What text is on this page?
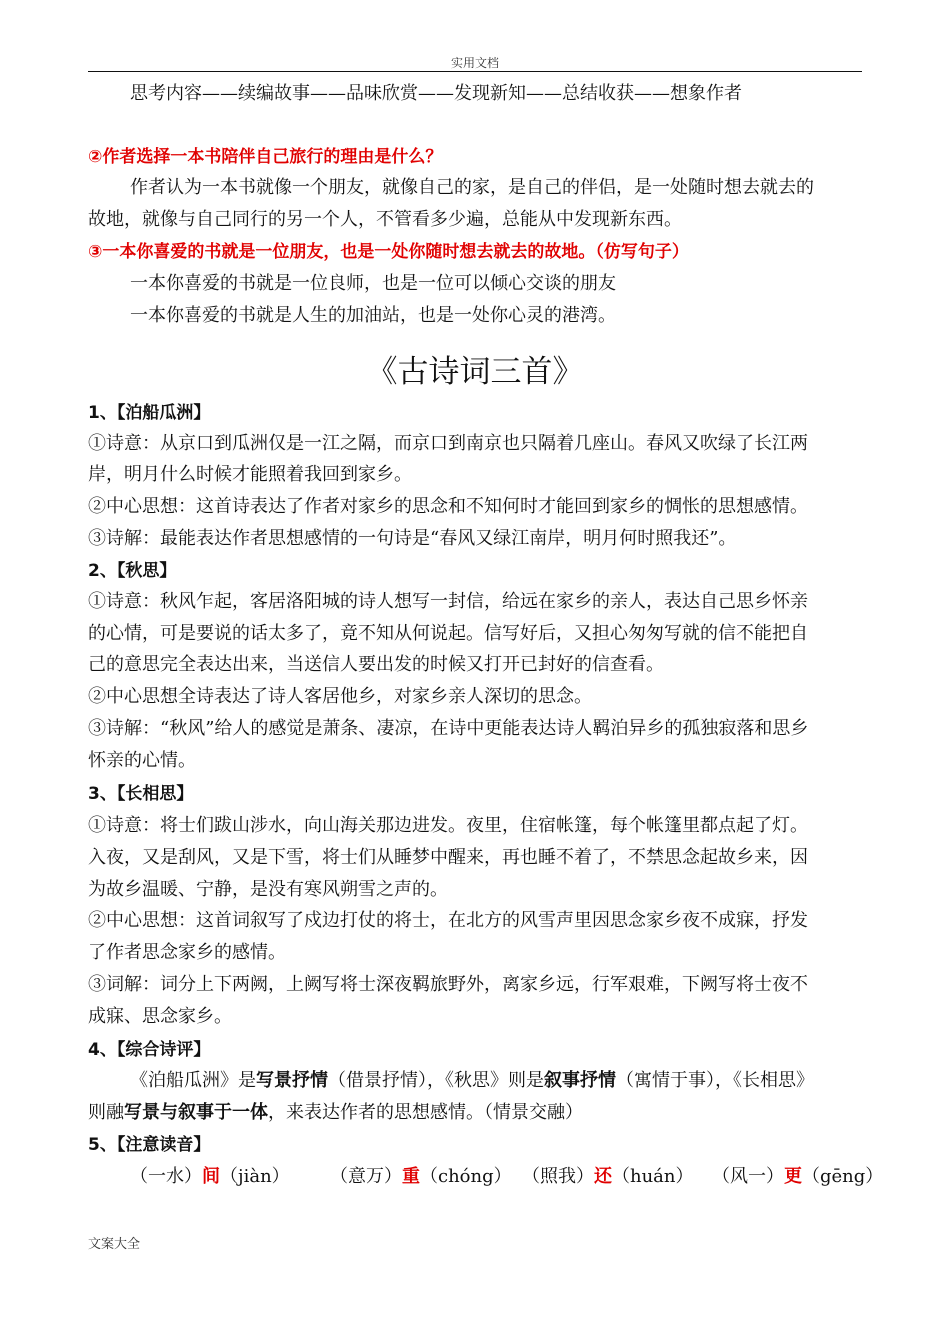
实用文档
思考内容——续编故事——品味欣赏——发现新知——总结收获——想象作者
②作者选择一本书陪伴自己旅行的理由是什么？
作者认为一本书就像一个朋友，就像自己的家，是自己的伴侣，是一处随时想去就去的
故地，就像与自己同行的另一个人，不管看多少遍，总能从中发现新东西。
③一本你喜爱的书就是一位朋友，也是一处你随时想去就去的故地。（仿写句子）
一本你喜爱的书就是一位良师，也是一位可以倾心交谈的朋友
一本你喜爱的书就是人生的加油站，也是一处你心灵的港湾。
《古诗词三首》
1、【泊船瓜洲】
①诗意：从京口到瓜洲仅是一江之隔，而京口到南京也只隔着几座山。春风又吹绿了长江两
岸，明月什么时候才能照着我回到家乡。
②中心思想：这首诗表达了作者对家乡的思念和不知何时才能回到家乡的惆怅的思想感情。
③诗解：最能表达作者思想感情的一句诗是“春风又绿江南岸，明月何时照我还”。
2、【秋思】
①诗意：秋风乍起，客居洛阳城的诗人想写一封信，给远在家乡的亲人，表达自己思乡怀亲
的心情，可是要说的话太多了，竟不知从何说起。信写好后，又担心匆匆写就的信不能把自
己的意思完全表达出来，当送信人要出发的时候又打开已封好的信查看。
②中心思想全诗表达了诗人客居他乡，对家乡亲人深切的思念。
③诗解：“秋风”给人的感觉是萧条、凄凉，在诗中更能表达诗人羁泊异乡的孤独寂落和思乡
怀亲的心情。
3、【长相思】
①诗意：将士们跋山涉水，向山海关那边进发。夜里，住宿帐篷，每个帐篷里都点起了灯。
入夜，又是刮风，又是下雪，将士们从睡梦中醒来，再也睡不着了，不禁思念起故乡来，因
为故乡温暖、宁静，是没有寒风朔雪之声的。
②中心思想：这首词叙写了戍边打仗的将士，在北方的风雪声里因思念家乡夜不成寐，抒发
了作者思念家乡的感情。
③词解：词分上下两阙，上阙写将士深夜羁旅野外，离家乡远，行军艰难，下阙写将士夜不
成寐、思念家乡。
4、【综合诗评】
《泊船瓜洲》是写景抒情（借景抒情），《秋思》则是叙事抒情（寓情于事），《长相思》
则融写景与叙事于一体，来表达作者的思想感情。（情景交融）
5、【注意读音】
（一水）间（jiàn） （意万）重（chóng） （照我）还（huán） （风一）更（gēng）
文案大全
